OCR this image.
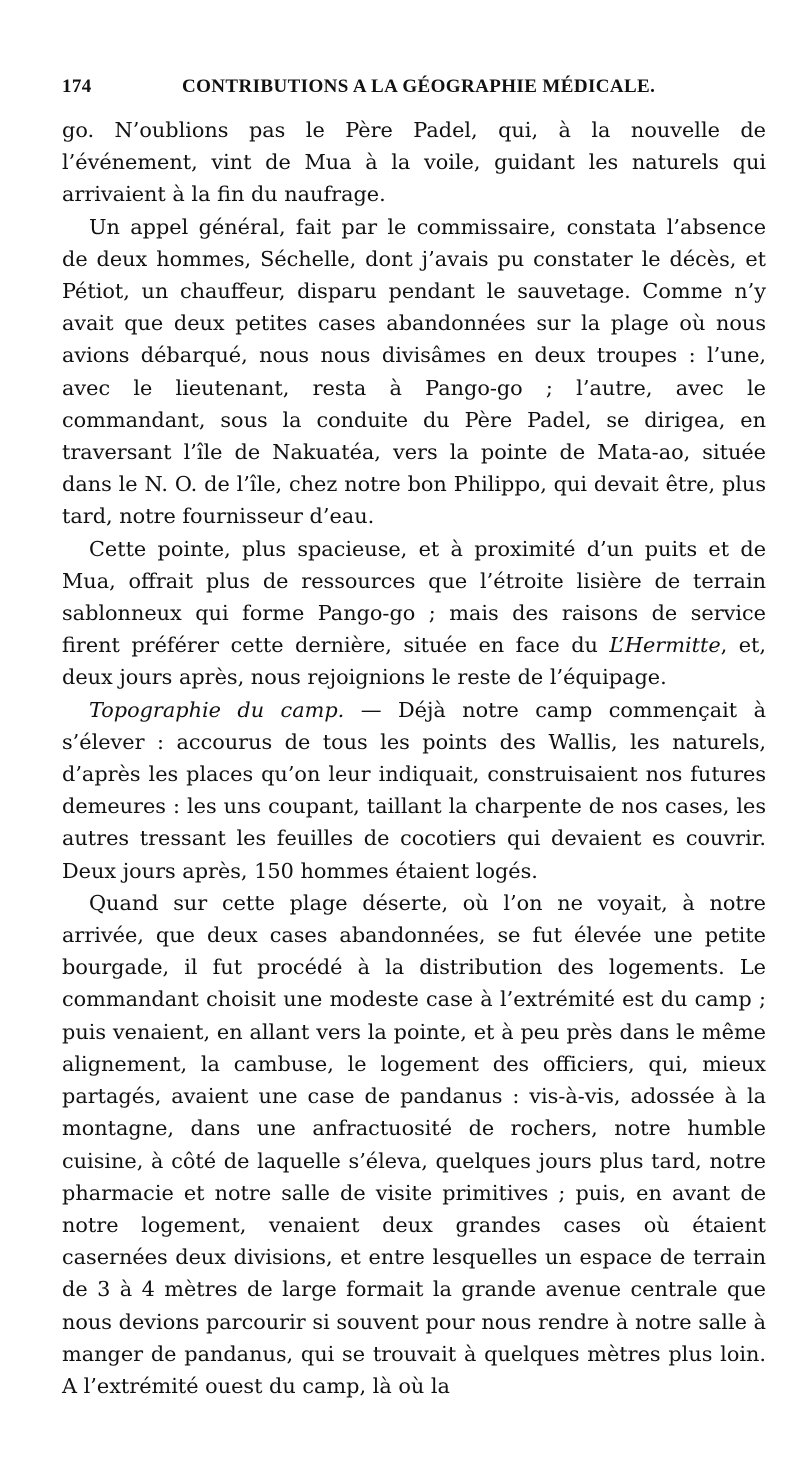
174	CONTRIBUTIONS A LA GÉOGRAPHIE MÉDICALE.

go. N’oublions pas le Père Padel, qui, à la nouvelle de l’événement, vint de Mua à la voile, guidant les naturels qui arrivaient à la fin du naufrage.

Un appel général, fait par le commissaire, constata l’absence de deux hommes, Séchelle, dont j’avais pu constater le décès, et Pétiot, un chauffeur, disparu pendant le sauvetage. Comme n’y avait que deux petites cases abandonnées sur la plage où nous avions débarqué, nous nous divisâmes en deux troupes : l’une, avec le lieutenant, resta à Pango-go ; l’autre, avec le commandant, sous la conduite du Père Padel, se dirigea, en traversant l’île de Nakuatéa, vers la pointe de Mata-ao, située dans le N. O. de l’île, chez notre bon Philippo, qui devait être, plus tard, notre fournisseur d’eau.

Cette pointe, plus spacieuse, et à proximité d’un puits et de Mua, offrait plus de ressources que l’étroite lisière de terrain sablonneux qui forme Pango-go ; mais des raisons de service firent préférer cette dernière, située en face du L’Hermitte, et, deux jours après, nous rejoignions le reste de l’équipage.

Topographie du camp. — Déjà notre camp commençait à s’élever : accourus de tous les points des Wallis, les naturels, d’après les places qu’on leur indiquait, construisaient nos futures demeures : les uns coupant, taillant la charpente de nos cases, les autres tressant les feuilles de cocotiers qui devaient es couvrir. Deux jours après, 150 hommes étaient logés.

Quand sur cette plage déserte, où l’on ne voyait, à notre arrivée, que deux cases abandonnées, se fut élevée une petite bourgade, il fut procédé à la distribution des logements. Le commandant choisit une modeste case à l’extrémité est du camp ; puis venaient, en allant vers la pointe, et à peu près dans le même alignement, la cambuse, le logement des officiers, qui, mieux partagés, avaient une case de pandanus : vis-à-vis, adossée à la montagne, dans une anfractuosité de rochers, notre humble cuisine, à côté de laquelle s’éleva, quelques jours plus tard, notre pharmacie et notre salle de visite primitives ; puis, en avant de notre logement, venaient deux grandes cases où étaient casernées deux divisions, et entre lesquelles un espace de terrain de 3 à 4 mètres de large formait la grande avenue centrale que nous devions parcourir si souvent pour nous rendre à notre salle à manger de pandanus, qui se trouvait à quelques mètres plus loin. A l’extrémité ouest du camp, là où la
